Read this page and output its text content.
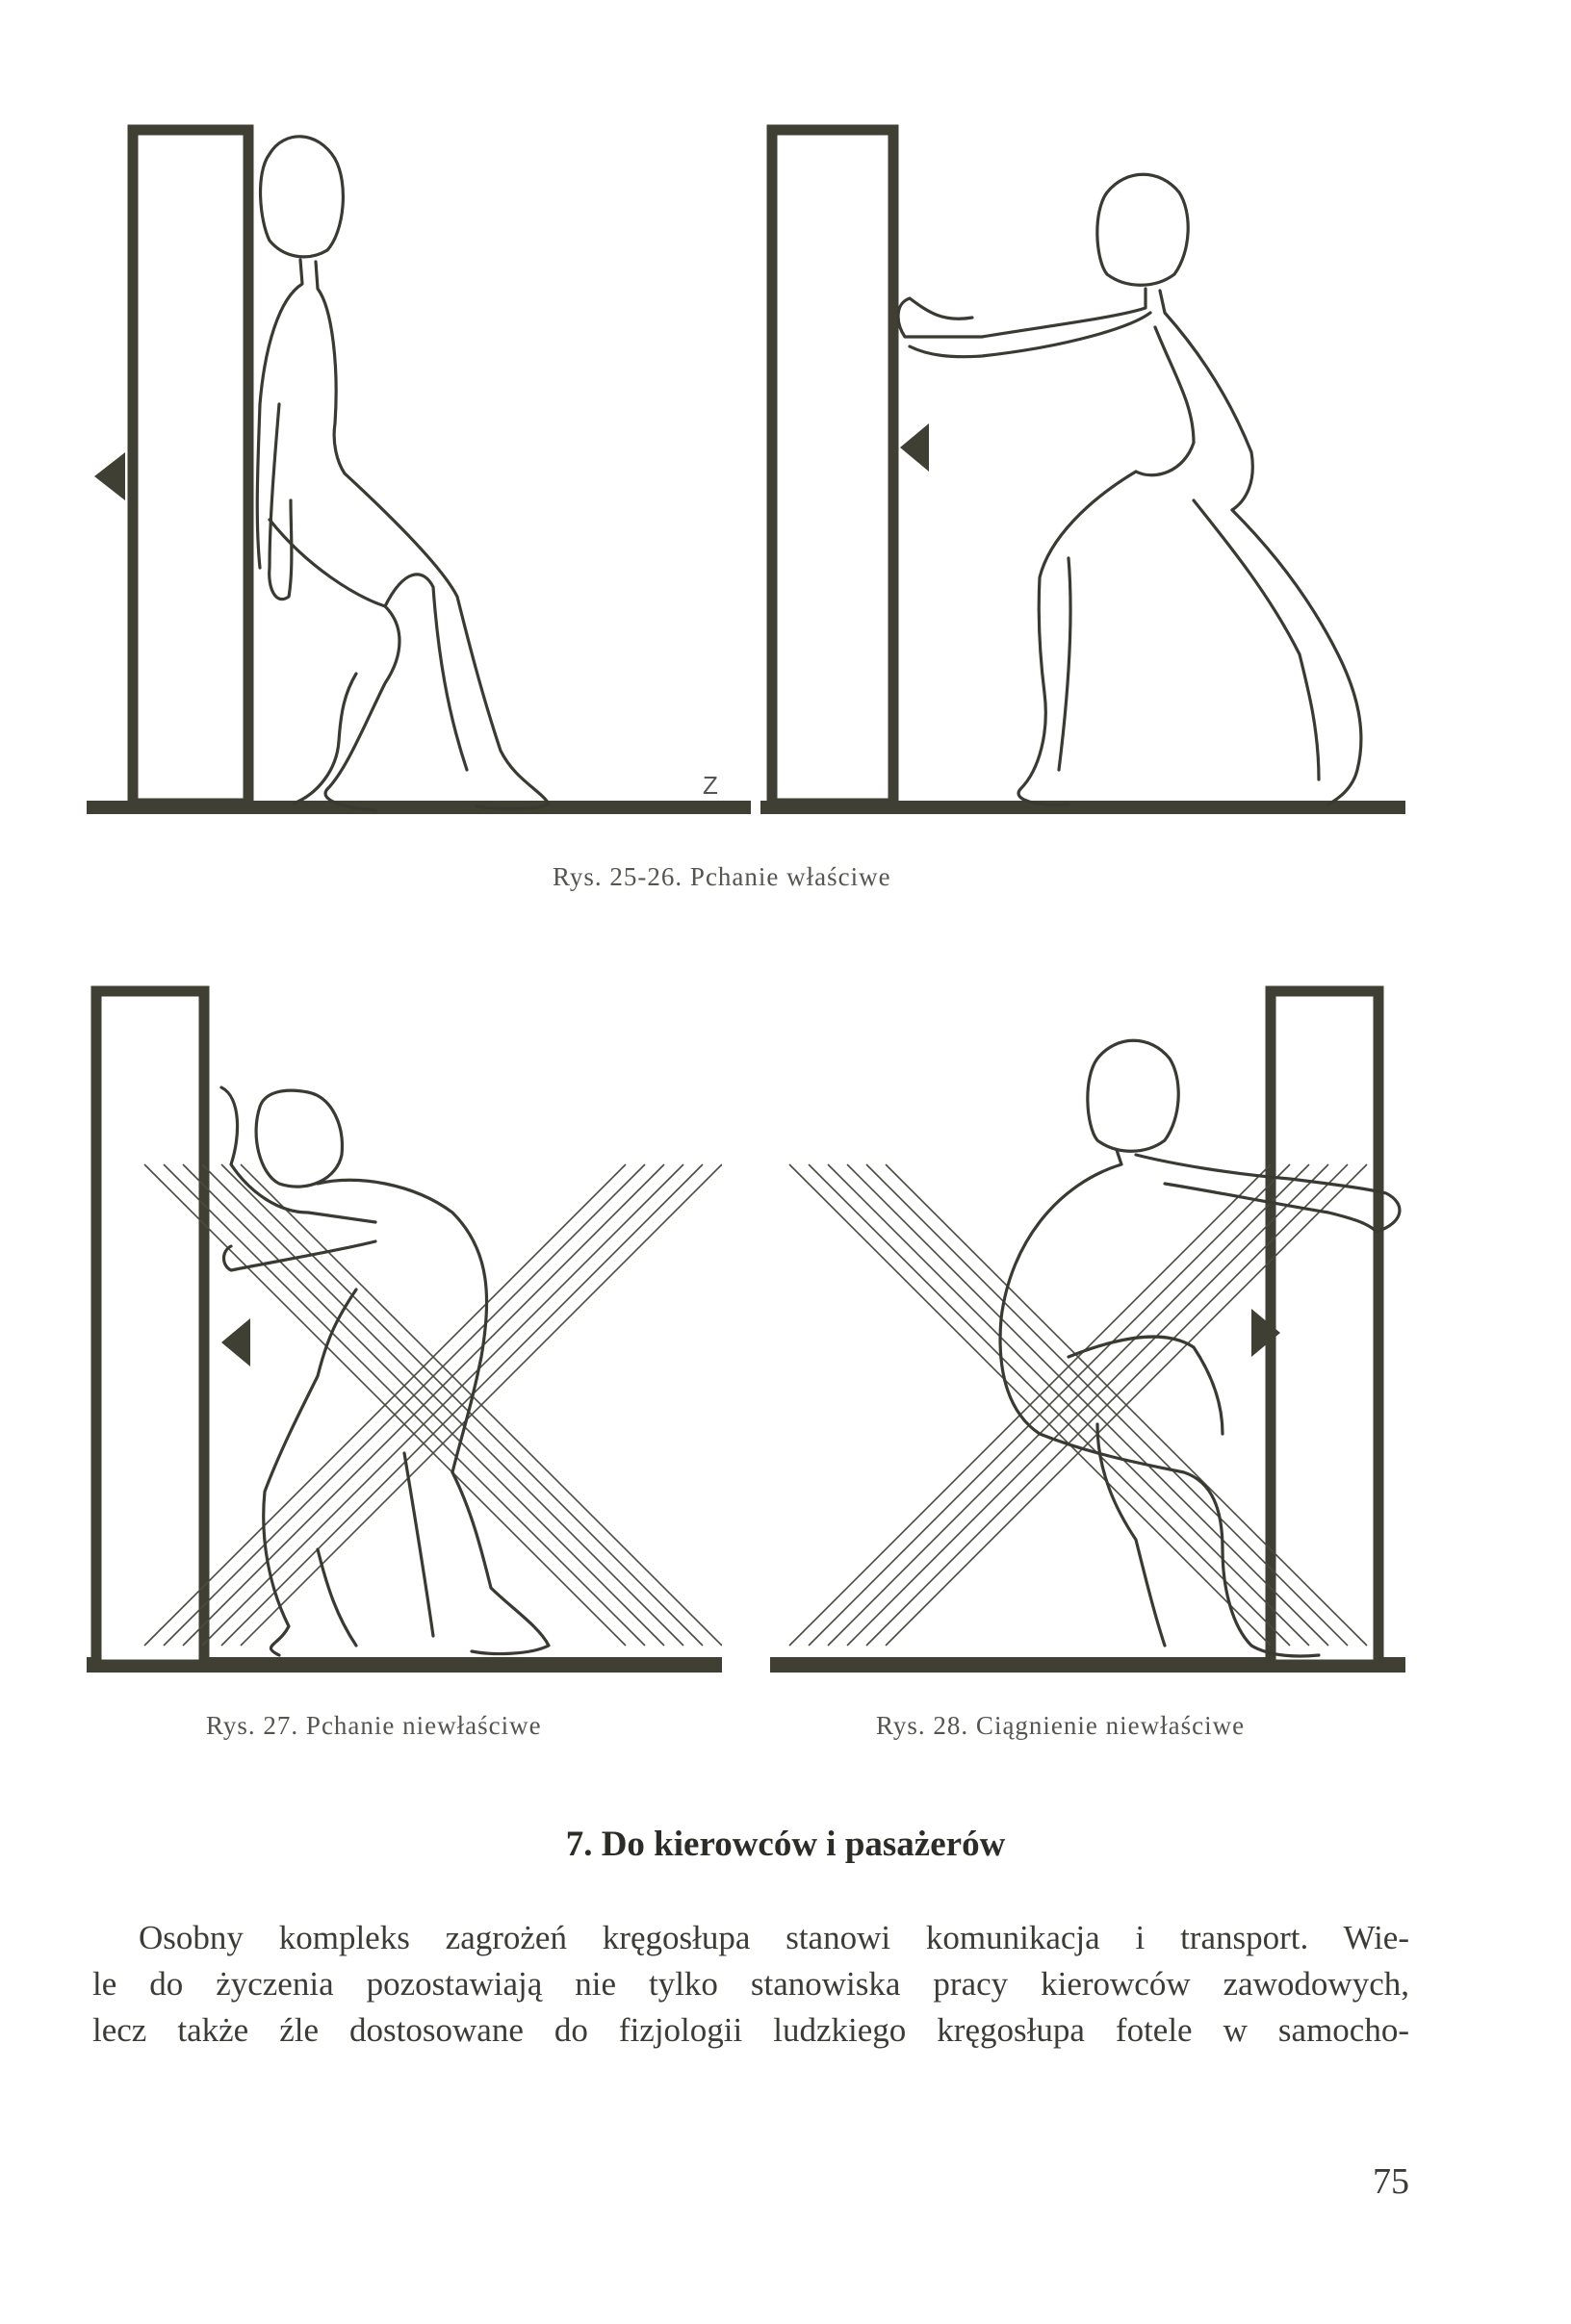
Z
Rys. 25-26. Pchanie właściwe
Rys. 27. Pchanie niewłaściwe	Rys. 28. Ciągnienie niewłaściwe
7. Do kierowców i pasażerów
Osobny kompleks zagrożeń kręgosłupa stanowi komunikacja i transport. Wie-
le do życzenia pozostawiają nie tylko stanowiska pracy kierowców zawodowych,
lecz także źle dostosowane do fizjologii ludzkiego kręgosłupa fotele w samocho-
75
